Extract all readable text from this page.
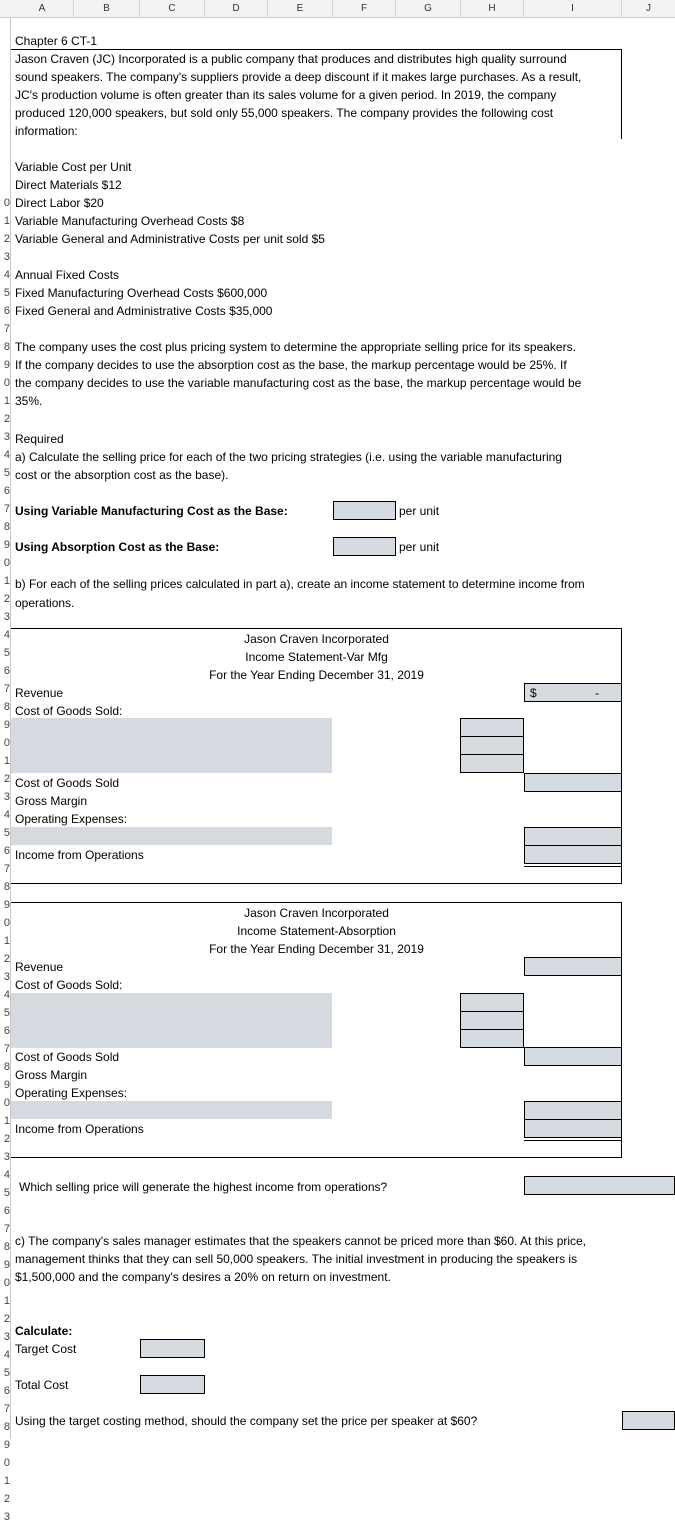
A	B	C	D	E	F	G	H	I	J
0
1
2
3
4
5
6
7
8
9
0
1
2
3
4
5
6
7
8
9
0
1
2
3
4
5
6
7
8
9
0
1
2
3
4
5
6
7
8
9
0
1
2
3
4
5
6
7
8
9
0
1
2
3
4
5
6
7
8
9
0
1
2
3
4
5
6
7
8
9
0
1
2
3
Chapter 6 CT-1
Jason Craven (JC) Incorporated is a public company that produces and distributes high quality surround
sound speakers. The company's suppliers provide a deep discount if it makes large purchases. As a result,
JC's production volume is often greater than its sales volume for a given period. In 2019, the company
produced 120,000 speakers, but sold only 55,000 speakers. The company provides the following cost
information:
Variable Cost per Unit
Direct Materials $12
Direct Labor $20
Variable Manufacturing Overhead Costs $8
Variable General and Administrative Costs per unit sold $5
Annual Fixed Costs
Fixed Manufacturing Overhead Costs $600,000
Fixed General and Administrative Costs $35,000
The company uses the cost plus pricing system to determine the appropriate selling price for its speakers.
If the company decides to use the absorption cost as the base, the markup percentage would be 25%. If
the company decides to use the variable manufacturing cost as the base, the markup percentage would be
35%.
Required
a) Calculate the selling price for each of the two pricing strategies (i.e. using the variable manufacturing
cost or the absorption cost as the base).
Using Variable Manufacturing Cost as the Base:	per unit
Using Absorption Cost as the Base:	per unit
b) For each of the selling prices calculated in part a), create an income statement to determine income from
operations.
Jason Craven Incorporated
Income Statement-Var Mfg
For the Year Ending December 31, 2019
Revenue	$	-
Cost of Goods Sold:
Cost of Goods Sold
Gross Margin
Operating Expenses:
Income from Operations
Jason Craven Incorporated
Income Statement-Absorption
For the Year Ending December 31, 2019
Revenue
Cost of Goods Sold:
Cost of Goods Sold
Gross Margin
Operating Expenses:
Income from Operations
Which selling price will generate the highest income from operations?
c) The company's sales manager estimates that the speakers cannot be priced more than $60. At this price,
management thinks that they can sell 50,000 speakers. The initial investment in producing the speakers is
$1,500,000 and the company's desires a 20% on return on investment.
Calculate:
Target Cost
Total Cost
Using the target costing method, should the company set the price per speaker at $60?
